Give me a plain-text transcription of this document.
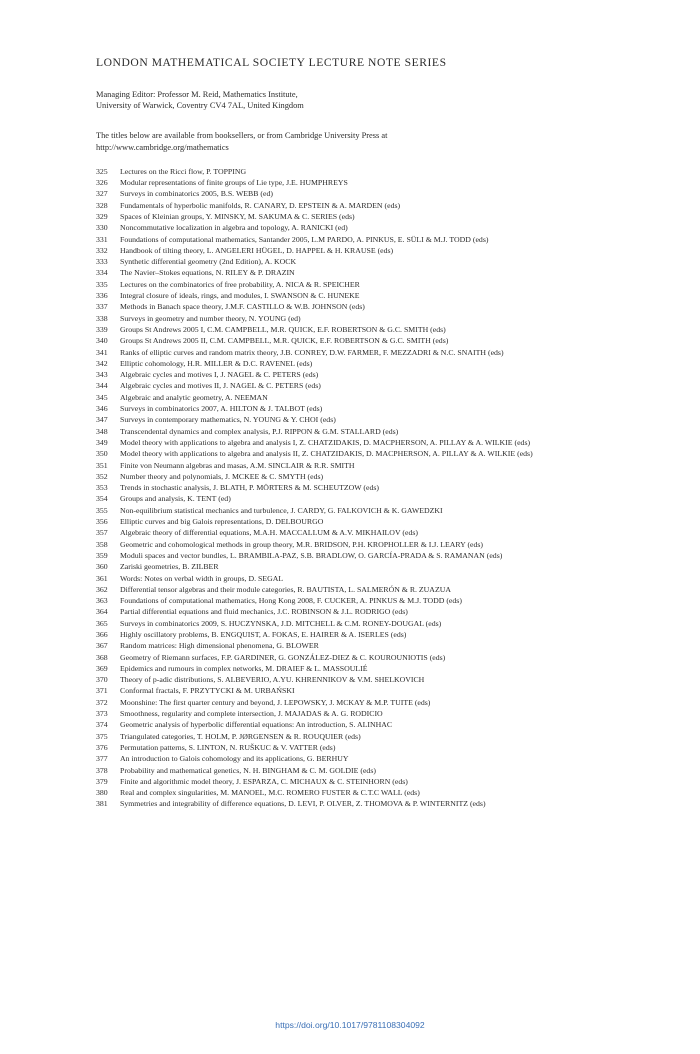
LONDON MATHEMATICAL SOCIETY LECTURE NOTE SERIES
Managing Editor: Professor M. Reid, Mathematics Institute,
University of Warwick, Coventry CV4 7AL, United Kingdom
The titles below are available from booksellers, or from Cambridge University Press at
http://www.cambridge.org/mathematics
325	Lectures on the Ricci flow, P. TOPPING
326	Modular representations of finite groups of Lie type, J.E. HUMPHREYS
327	Surveys in combinatorics 2005, B.S. WEBB (ed)
328	Fundamentals of hyperbolic manifolds, R. CANARY, D. EPSTEIN & A. MARDEN (eds)
329	Spaces of Kleinian groups, Y. MINSKY, M. SAKUMA & C. SERIES (eds)
330	Noncommutative localization in algebra and topology, A. RANICKI (ed)
331	Foundations of computational mathematics, Santander 2005, L.M PARDO, A. PINKUS, E. SÜLI & M.J. TODD (eds)
332	Handbook of tilting theory, L. ANGELERI HÜGEL, D. HAPPEL & H. KRAUSE (eds)
333	Synthetic differential geometry (2nd Edition), A. KOCK
334	The Navier–Stokes equations, N. RILEY & P. DRAZIN
335	Lectures on the combinatorics of free probability, A. NICA & R. SPEICHER
336	Integral closure of ideals, rings, and modules, I. SWANSON & C. HUNEKE
337	Methods in Banach space theory, J.M.F. CASTILLO & W.B. JOHNSON (eds)
338	Surveys in geometry and number theory, N. YOUNG (ed)
339	Groups St Andrews 2005 I, C.M. CAMPBELL, M.R. QUICK, E.F. ROBERTSON & G.C. SMITH (eds)
340	Groups St Andrews 2005 II, C.M. CAMPBELL, M.R. QUICK, E.F. ROBERTSON & G.C. SMITH (eds)
341	Ranks of elliptic curves and random matrix theory, J.B. CONREY, D.W. FARMER, F. MEZZADRI & N.C. SNAITH (eds)
342	Elliptic cohomology, H.R. MILLER & D.C. RAVENEL (eds)
343	Algebraic cycles and motives I, J. NAGEL & C. PETERS (eds)
344	Algebraic cycles and motives II, J. NAGEL & C. PETERS (eds)
345	Algebraic and analytic geometry, A. NEEMAN
346	Surveys in combinatorics 2007, A. HILTON & J. TALBOT (eds)
347	Surveys in contemporary mathematics, N. YOUNG & Y. CHOI (eds)
348	Transcendental dynamics and complex analysis, P.J. RIPPON & G.M. STALLARD (eds)
349	Model theory with applications to algebra and analysis I, Z. CHATZIDAKIS, D. MACPHERSON, A. PILLAY & A. WILKIE (eds)
350	Model theory with applications to algebra and analysis II, Z. CHATZIDAKIS, D. MACPHERSON, A. PILLAY & A. WILKIE (eds)
351	Finite von Neumann algebras and masas, A.M. SINCLAIR & R.R. SMITH
352	Number theory and polynomials, J. MCKEE & C. SMYTH (eds)
353	Trends in stochastic analysis, J. BLATH, P. MÖRTERS & M. SCHEUTZOW (eds)
354	Groups and analysis, K. TENT (ed)
355	Non-equilibrium statistical mechanics and turbulence, J. CARDY, G. FALKOVICH & K. GAWEDZKI
356	Elliptic curves and big Galois representations, D. DELBOURGO
357	Algebraic theory of differential equations, M.A.H. MACCALLUM & A.V. MIKHAILOV (eds)
358	Geometric and cohomological methods in group theory, M.R. BRIDSON, P.H. KROPHOLLER & I.J. LEARY (eds)
359	Moduli spaces and vector bundles, L. BRAMBILA-PAZ, S.B. BRADLOW, O. GARCÍA-PRADA & S. RAMANAN (eds)
360	Zariski geometries, B. ZILBER
361	Words: Notes on verbal width in groups, D. SEGAL
362	Differential tensor algebras and their module categories, R. BAUTISTA, L. SALMERÓN & R. ZUAZUA
363	Foundations of computational mathematics, Hong Kong 2008, F. CUCKER, A. PINKUS & M.J. TODD (eds)
364	Partial differential equations and fluid mechanics, J.C. ROBINSON & J.L. RODRIGO (eds)
365	Surveys in combinatorics 2009, S. HUCZYNSKA, J.D. MITCHELL & C.M. RONEY-DOUGAL (eds)
366	Highly oscillatory problems, B. ENGQUIST, A. FOKAS, E. HAIRER & A. ISERLES (eds)
367	Random matrices: High dimensional phenomena, G. BLOWER
368	Geometry of Riemann surfaces, F.P. GARDINER, G. GONZÁLEZ-DIEZ & C. KOUROUNIOTIS (eds)
369	Epidemics and rumours in complex networks, M. DRAIEF & L. MASSOULIÉ
370	Theory of p-adic distributions, S. ALBEVERIO, A.YU. KHRENNIKOV & V.M. SHELKOVICH
371	Conformal fractals, F. PRZYTYCKI & M. URBAŃSKI
372	Moonshine: The first quarter century and beyond, J. LEPOWSKY, J. MCKAY & M.P. TUITE (eds)
373	Smoothness, regularity and complete intersection, J. MAJADAS & A. G. RODICIO
374	Geometric analysis of hyperbolic differential equations: An introduction, S. ALINHAC
375	Triangulated categories, T. HOLM, P. JØRGENSEN & R. ROUQUIER (eds)
376	Permutation patterns, S. LINTON, N. RUŠKUC & V. VATTER (eds)
377	An introduction to Galois cohomology and its applications, G. BERHUY
378	Probability and mathematical genetics, N. H. BINGHAM & C. M. GOLDIE (eds)
379	Finite and algorithmic model theory, J. ESPARZA, C. MICHAUX & C. STEINHORN (eds)
380	Real and complex singularities, M. MANOEL, M.C. ROMERO FUSTER & C.T.C WALL (eds)
381	Symmetries and integrability of difference equations, D. LEVI, P. OLVER, Z. THOMOVA & P. WINTERNITZ (eds)
https://doi.org/10.1017/9781108304092
